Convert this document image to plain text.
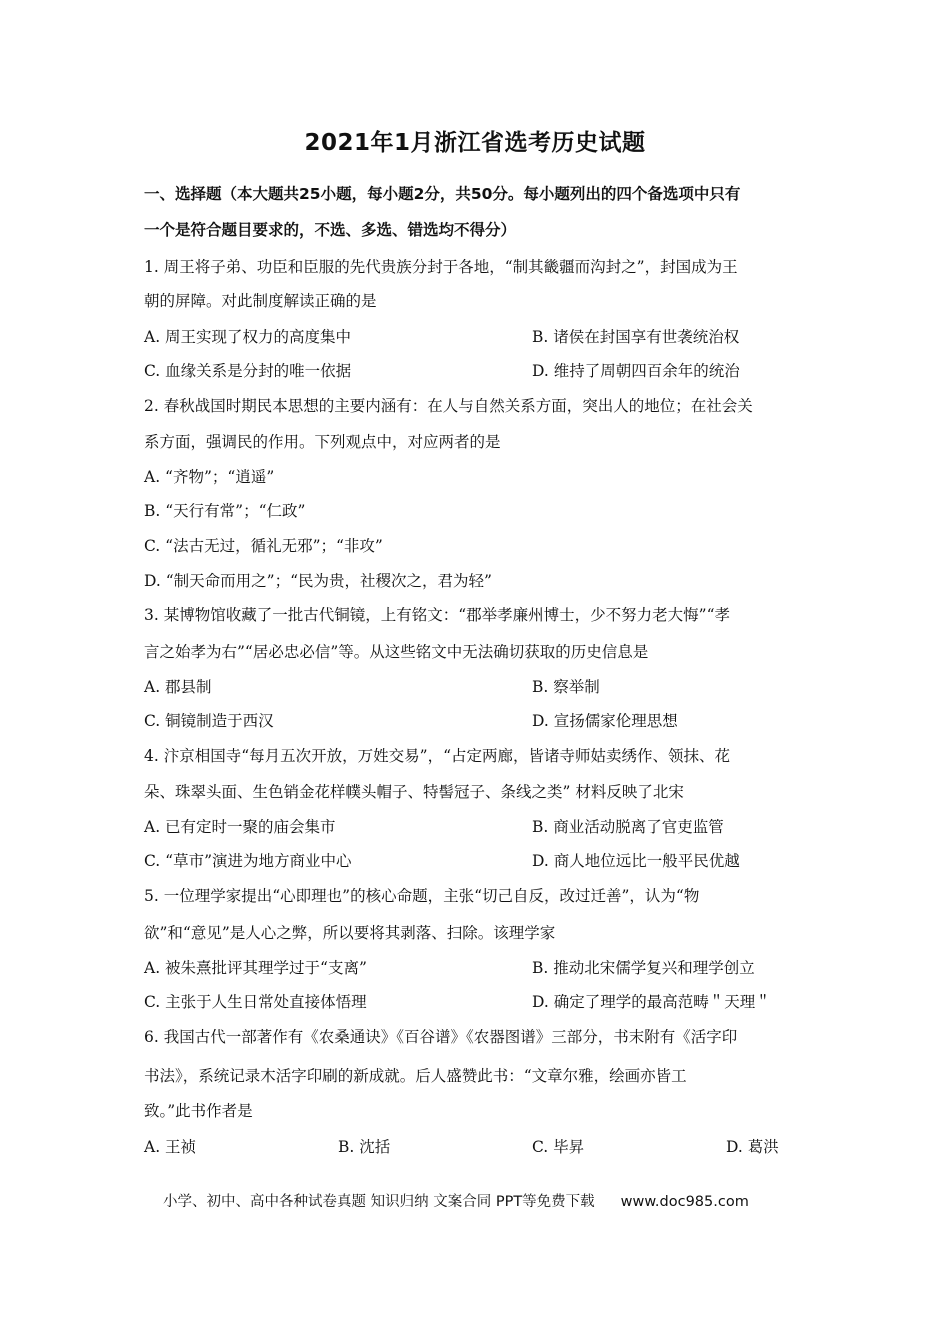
2021年1月浙江省选考历史试题
一、选择题（本大题共25小题，每小题2分，共50分。每小题列出的四个备选项中只有
一个是符合题目要求的，不选、多选、错选均不得分）
1. 周王将子弟、功臣和臣服的先代贵族分封于各地，“制其畿疆而沟封之”，封国成为王
朝的屏障。对此制度解读正确的是
A. 周王实现了权力的高度集中	B. 诸侯在封国享有世袭统治权
C. 血缘关系是分封的唯一依据	D. 维持了周朝四百余年的统治
2. 春秋战国时期民本思想的主要内涵有：在人与自然关系方面，突出人的地位；在社会关
系方面，强调民的作用。下列观点中，对应两者的是
A. “齐物”；“逍遥”
B. “天行有常”；“仁政”
C. “法古无过，循礼无邪”；“非攻”
D. “制天命而用之”；“民为贵，社稷次之，君为轻”
3. 某博物馆收藏了一批古代铜镜，上有铭文：“郡举孝廉州博士，少不努力老大悔”“孝
言之始孝为右”“居必忠必信”等。从这些铭文中无法确切获取的历史信息是
A. 郡县制	B. 察举制
C. 铜镜制造于西汉	D. 宣扬儒家伦理思想
4. 汴京相国寺“每月五次开放，万姓交易”，“占定两廊，皆诸寺师姑卖绣作、领抹、花
朵、珠翠头面、生色销金花样幞头帽子、特髻冠子、条线之类” 材料反映了北宋
A. 已有定时一聚的庙会集市	B. 商业活动脱离了官吏监管
C. “草市”演进为地方商业中心	D. 商人地位远比一般平民优越
5. 一位理学家提出“心即理也”的核心命题，主张“切己自反，改过迁善”，认为“物
欲”和“意见”是人心之弊，所以要将其剥落、扫除。该理学家
A. 被朱熹批评其理学过于“支离”	B. 推动北宋儒学复兴和理学创立
C. 主张于人生日常处直接体悟理	D. 确定了理学的最高范畴＂天理＂
6. 我国古代一部著作有《农桑通诀》《百谷谱》《农器图谱》三部分，书末附有《活字印
书法》，系统记录木活字印刷的新成就。后人盛赞此书：“文章尔雅，绘画亦皆工
致。”此书作者是
A. 王祯	B. 沈括	C. 毕昇	D. 葛洪
小学、初中、高中各种试卷真题 知识归纳 文案合同 PPT等免费下载 www.doc985.com
